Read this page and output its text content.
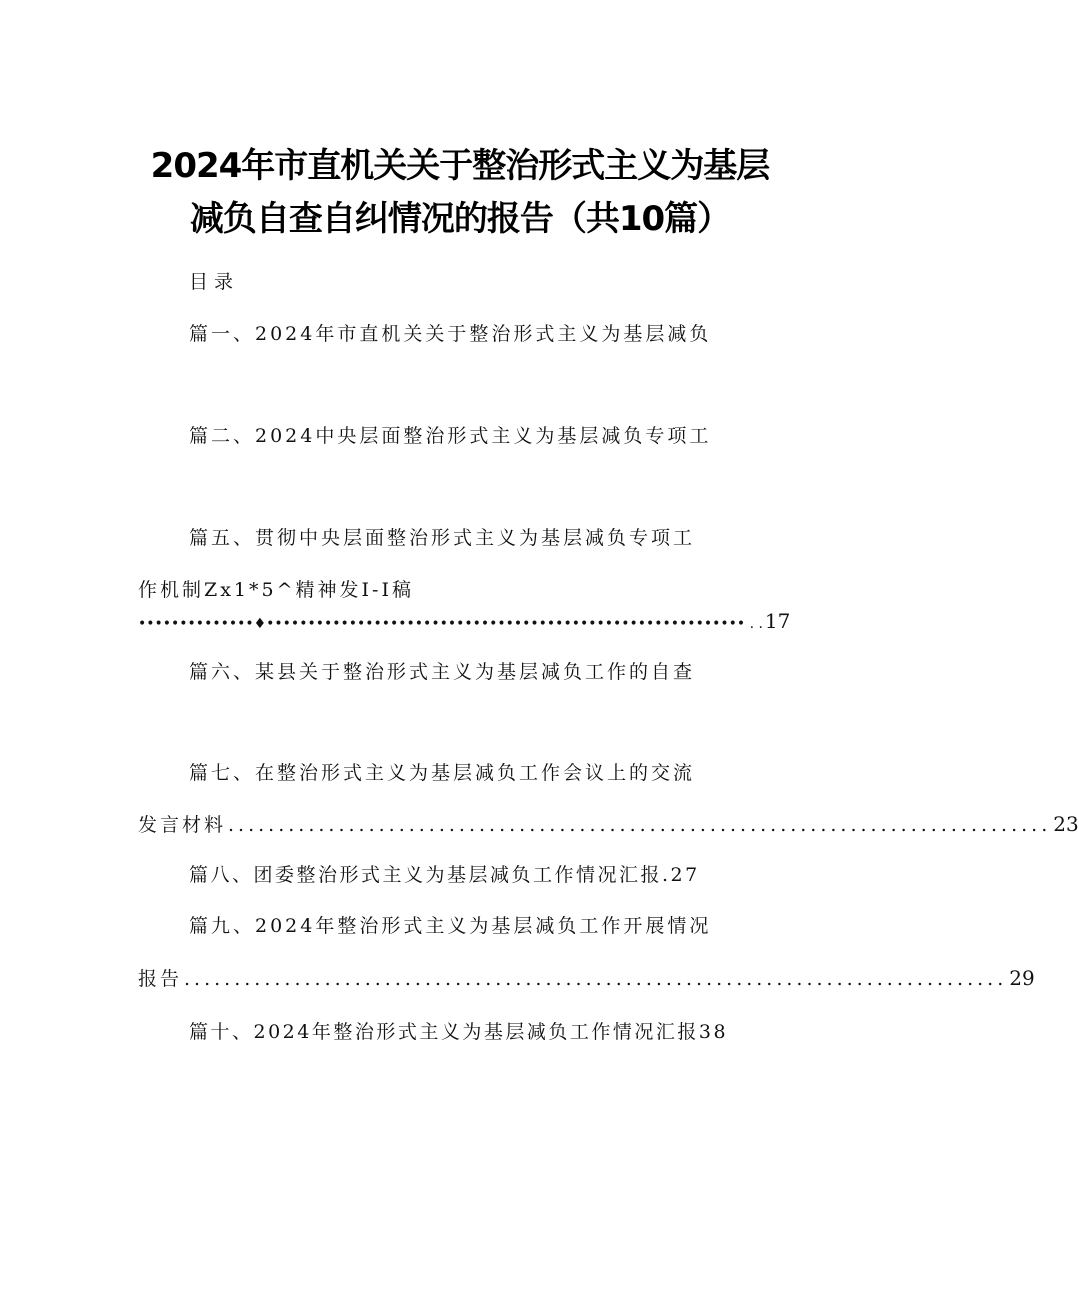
2024年市直机关关于整治形式主义为基层
减负自查自纠情况的报告（共10篇）
目录
篇一、2024年市直机关关于整治形式主义为基层减负
篇二、2024中央层面整治形式主义为基层减负专项工
篇五、贯彻中央层面整治形式主义为基层减负专项工
作机制Zx1*5^精神发I-I稿
••••••••••••••♦•••••••••••••••••••••••••••••••••••••••••••••••••••••••••• . . 17
篇六、某县关于整治形式主义为基层减负工作的自查
篇七、在整治形式主义为基层减负工作会议上的交流
发言材料 .................................................................................. 23
篇八、团委整治形式主义为基层减负工作情况汇报.27
篇九、2024年整治形式主义为基层减负工作开展情况
报告 .................................................................................. 29
篇十、2024年整治形式主义为基层减负工作情况汇报38
